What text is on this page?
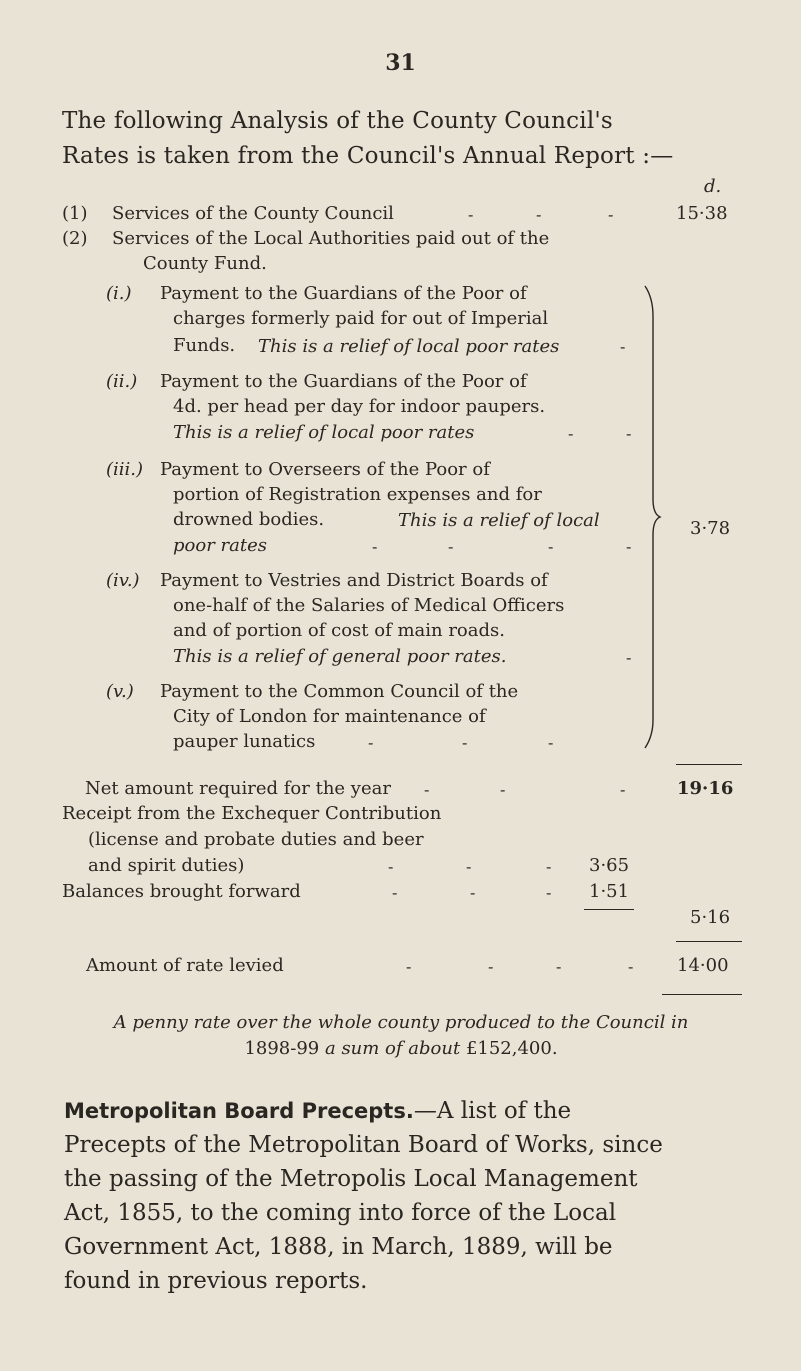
31
The following Analysis of the County Council's
Rates is taken from the Council's Annual Report :—
d.
(1) Services of the County Council	-	-	-	15·38
(2) Services of the Local Authorities paid out of the
County Fund.
(i.) Payment to the Guardians of the Poor of
charges formerly paid for out of Imperial
Funds. This is a relief of local poor rates	-
(ii.) Payment to the Guardians of the Poor of
4d. per head per day for indoor paupers.
This is a relief of local poor rates	-	-
(iii.) Payment to Overseers of the Poor of
portion of Registration expenses and for
drowned bodies.	This is a relief of local
poor rates	-	-	-	-
(iv.) Payment to Vestries and District Boards of
one-half of the Salaries of Medical Officers
and of portion of cost of main roads.
This is a relief of general poor rates.	-
(v.) Payment to the Common Council of the
City of London for maintenance of
pauper lunatics	-	-	-
3·78
Net amount required for the year -	-	-	19·16
Receipt from the Exchequer Contribution
(license and probate duties and beer
and spirit duties)	-	-	- 3·65
Balances brought forward	-	-	- 1·51
5·16
Amount of rate levied	-	-	-	- 14·00
A penny rate over the whole county produced to the Council in
1898-99 a sum of about £152,400.
Metropolitan Board Precepts.—A list of the
Precepts of the Metropolitan Board of Works, since
the passing of the Metropolis Local Management
Act, 1855, to the coming into force of the Local
Government Act, 1888, in March, 1889, will be
found in previous reports.
